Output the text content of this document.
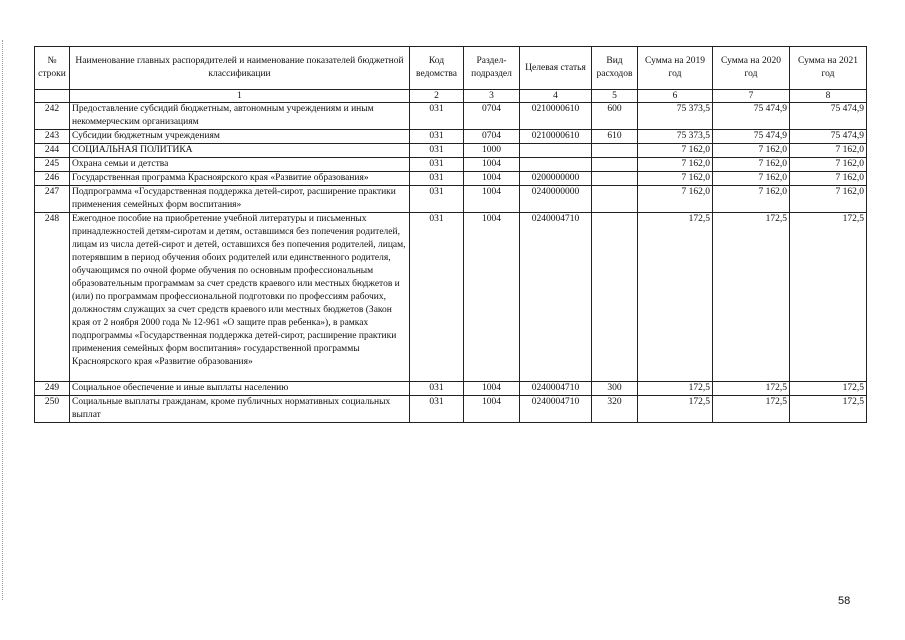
№ строки	Наименование главных распорядителей и наименование показателей бюджетной классификации	Код ведомства	Раздел-подраздел	Целевая статья	Вид расходов	Сумма на 2019 год	Сумма на 2020 год	Сумма на 2021 год
	1	2	3	4	5	6	7	8
242	Предоставление субсидий бюджетным, автономным учреждениям и иным некоммерческим организациям	031	0704	0210000610	600	75 373,5	75 474,9	75 474,9
243	Субсидии бюджетным учреждениям	031	0704	0210000610	610	75 373,5	75 474,9	75 474,9
244	СОЦИАЛЬНАЯ ПОЛИТИКА	031	1000			7 162,0	7 162,0	7 162,0
245	Охрана семьи и детства	031	1004			7 162,0	7 162,0	7 162,0
246	Государственная программа Красноярского края «Развитие образования»	031	1004	0200000000		7 162,0	7 162,0	7 162,0
247	Подпрограмма «Государственная поддержка детей-сирот, расширение практики применения семейных форм воспитания»	031	1004	0240000000		7 162,0	7 162,0	7 162,0
248	Ежегодное пособие на приобретение учебной литературы и письменных принадлежностей детям-сиротам и детям, оставшимся без попечения родителей, лицам из числа детей-сирот и детей, оставшихся без попечения родителей, лицам, потерявшим в период обучения обоих родителей или единственного родителя, обучающимся по очной форме обучения по основным профессиональным образовательным программам за счет средств краевого или местных бюджетов и (или) по программам профессиональной подготовки по профессиям рабочих, должностям служащих за счет средств краевого или местных бюджетов (Закон края от 2 ноября 2000 года № 12-961 «О защите прав ребенка»), в рамках подпрограммы «Государственная поддержка детей-сирот, расширение практики применения семейных форм воспитания» государственной программы Красноярского края «Развитие образования»	031	1004	0240004710		172,5	172,5	172,5
249	Социальное обеспечение и иные выплаты населению	031	1004	0240004710	300	172,5	172,5	172,5
250	Социальные выплаты гражданам, кроме публичных нормативных социальных выплат	031	1004	0240004710	320	172,5	172,5	172,5
58
